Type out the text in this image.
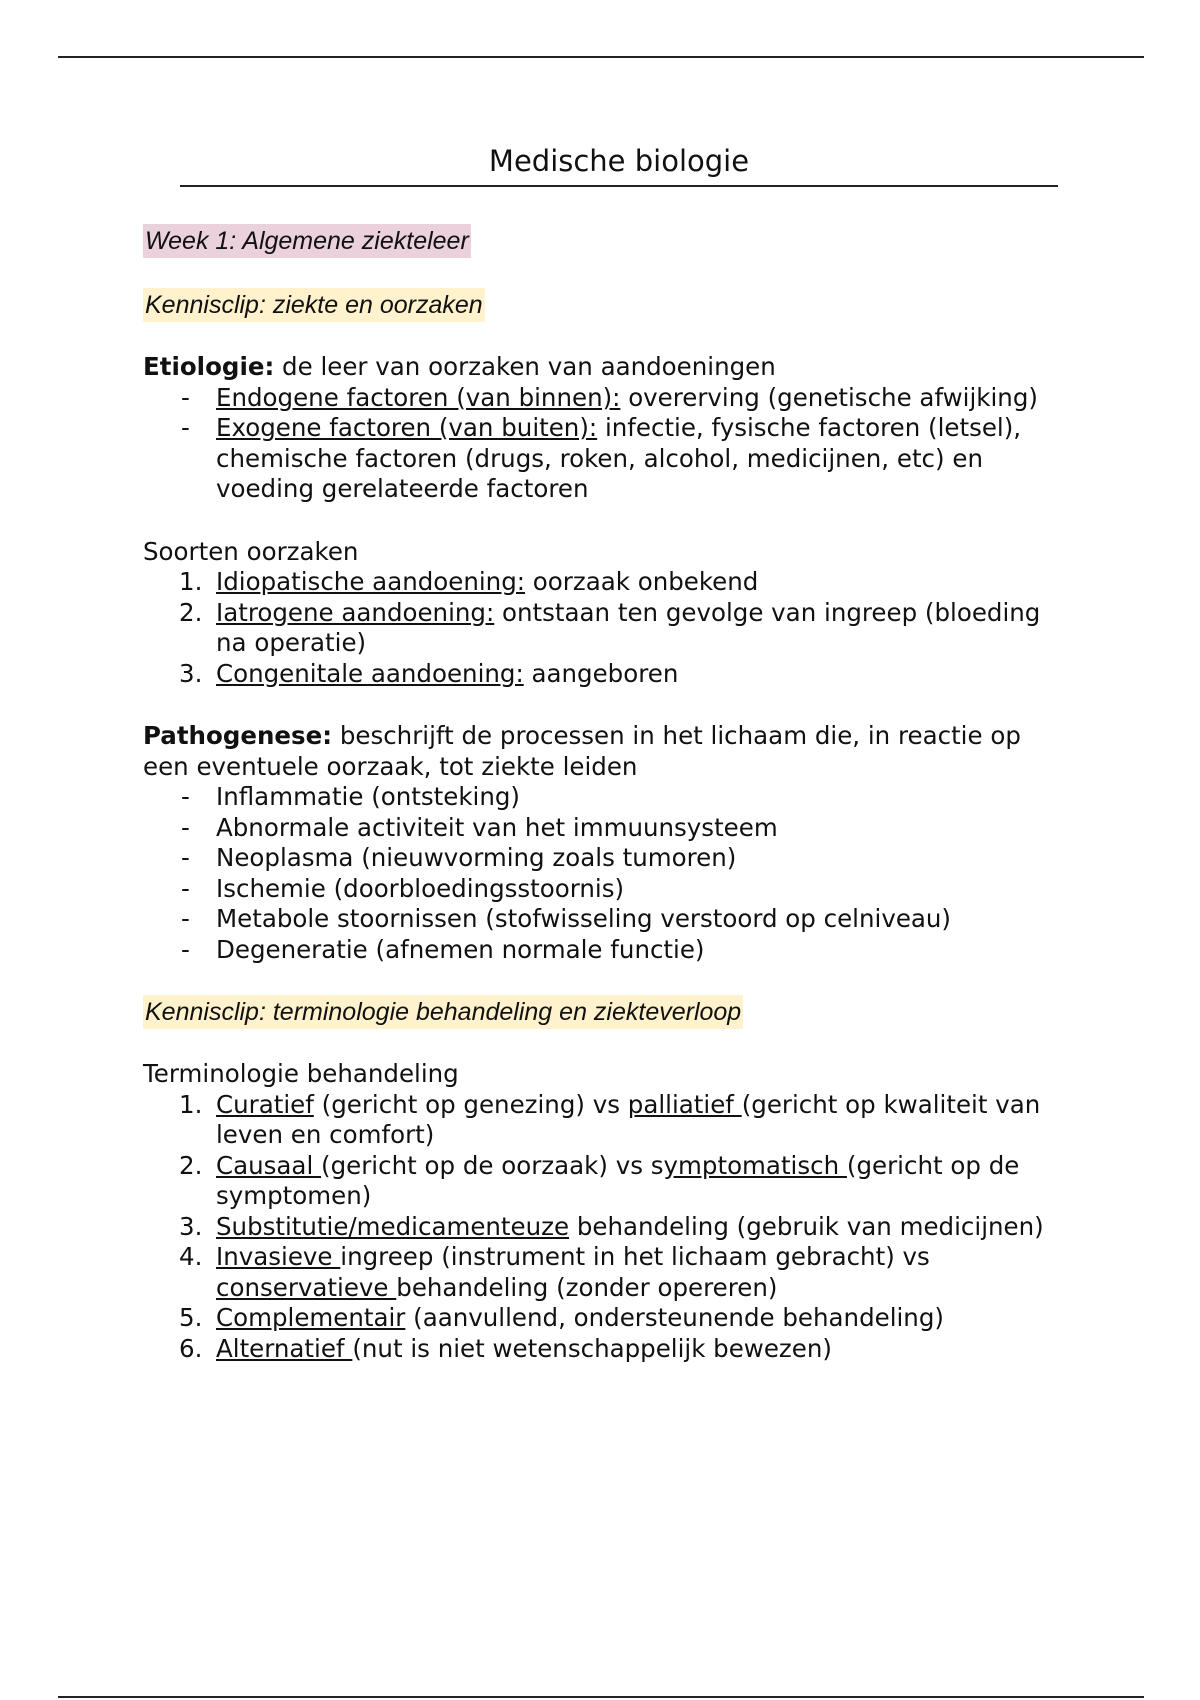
Medische biologie
Week 1: Algemene ziekteleer
Kennisclip: ziekte en oorzaken

Etiologie: de leer van oorzaken van aandoeningen

- Endogene factoren (van binnen): overerving (genetische afwijking)
- Exogene factoren (van buiten): infectie, fysische factoren (letsel), chemische factoren (drugs, roken, alcohol, medicijnen, etc) en voeding gerelateerde factoren

Soorten oorzaken

1. Idiopatische aandoening: oorzaak onbekend
2. Iatrogene aandoening: ontstaan ten gevolge van ingreep (bloeding na operatie)
3. Congenitale aandoening: aangeboren

Pathogenese: beschrijft de processen in het lichaam die, in reactie op een eventuele oorzaak, tot ziekte leiden

- Inflammatie (ontsteking)
- Abnormale activiteit van het immuunsysteem
- Neoplasma (nieuwvorming zoals tumoren)
- Ischemie (doorbloedingsstoornis)
- Metabole stoornissen (stofwisseling verstoord op celniveau)
- Degeneratie (afnemen normale functie)
Kennisclip: terminologie behandeling en ziekteverloop

Terminologie behandeling

1. Curatief (gericht op genezing) vs palliatief (gericht op kwaliteit van leven en comfort)
2. Causaal (gericht op de oorzaak) vs symptomatisch (gericht op de symptomen)
3. Substitutie/medicamenteuze behandeling (gebruik van medicijnen)
4. Invasieve ingreep (instrument in het lichaam gebracht) vs conservatieve behandeling (zonder opereren)
5. Complementair (aanvullend, ondersteunende behandeling)
6. Alternatief (nut is niet wetenschappelijk bewezen)
